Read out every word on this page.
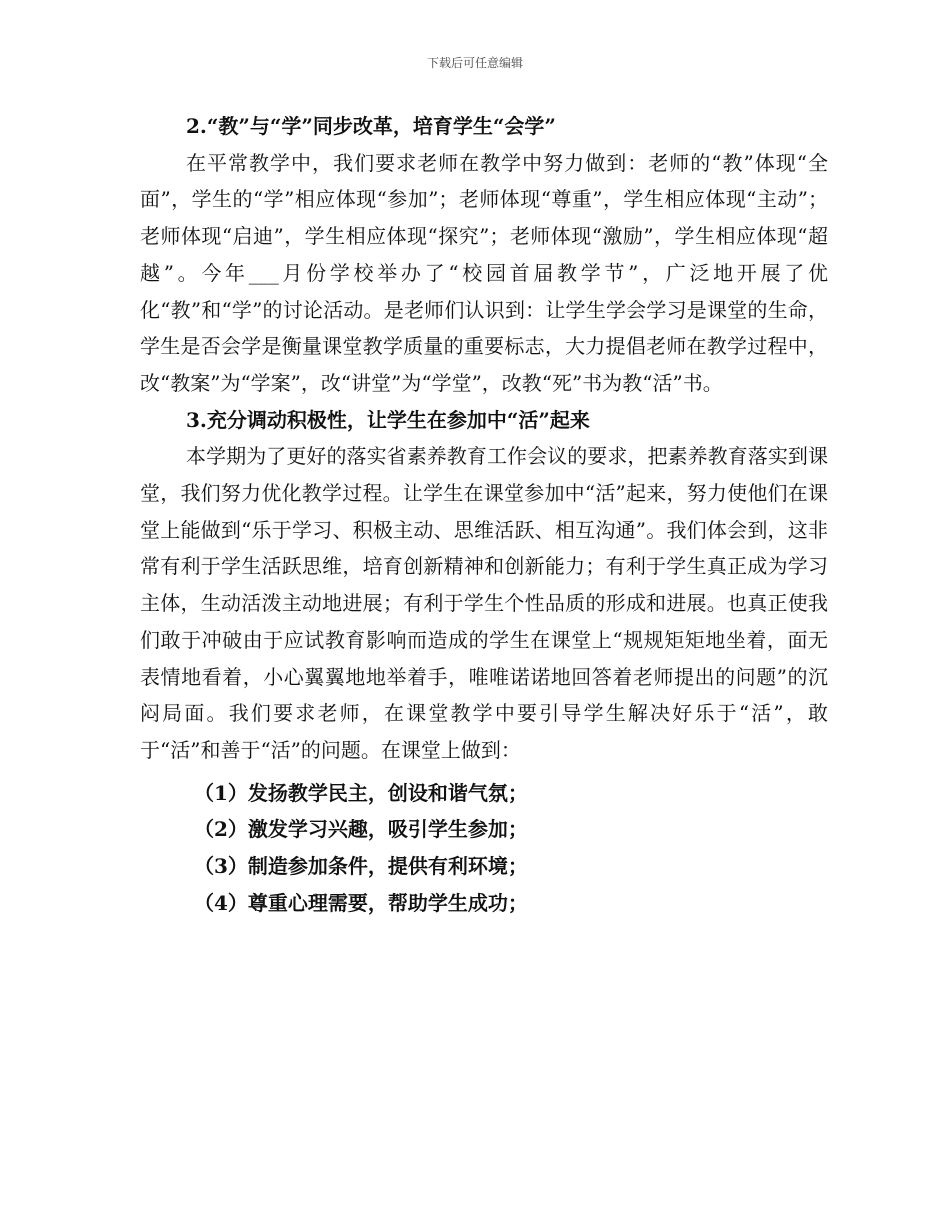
下载后可任意编辑

2.“教”与“学”同步改革，培育学生“会学”

在平常教学中，我们要求老师在教学中努力做到：老师的“教”体现“全面”，学生的“学”相应体现“参加”；老师体现“尊重”，学生相应体现“主动”；老师体现“启迪”，学生相应体现“探究”；老师体现“激励”，学生相应体现“超越”。今年___月份学校举办了“校园首届教学节”，广泛地开展了优化“教”和“学”的讨论活动。是老师们认识到：让学生学会学习是课堂的生命，学生是否会学是衡量课堂教学质量的重要标志，大力提倡老师在教学过程中，改“教案”为“学案”，改“讲堂”为“学堂”，改教“死”书为教“活”书。

3.充分调动积极性，让学生在参加中“活”起来

本学期为了更好的落实省素养教育工作会议的要求，把素养教育落实到课堂，我们努力优化教学过程。让学生在课堂参加中“活”起来，努力使他们在课堂上能做到“乐于学习、积极主动、思维活跃、相互沟通”。我们体会到，这非常有利于学生活跃思维，培育创新精神和创新能力；有利于学生真正成为学习主体，生动活泼主动地进展；有利于学生个性品质的形成和进展。也真正使我们敢于冲破由于应试教育影响而造成的学生在课堂上“规规矩矩地坐着，面无表情地看着，小心翼翼地地举着手，唯唯诺诺地回答着老师提出的问题”的沉闷局面。我们要求老师，在课堂教学中要引导学生解决好乐于“活”，敢于“活”和善于“活”的问题。在课堂上做到：

（1）发扬教学民主，创设和谐气氛；

（2）激发学习兴趣，吸引学生参加；

（3）制造参加条件，提供有利环境；

（4）尊重心理需要，帮助学生成功；
